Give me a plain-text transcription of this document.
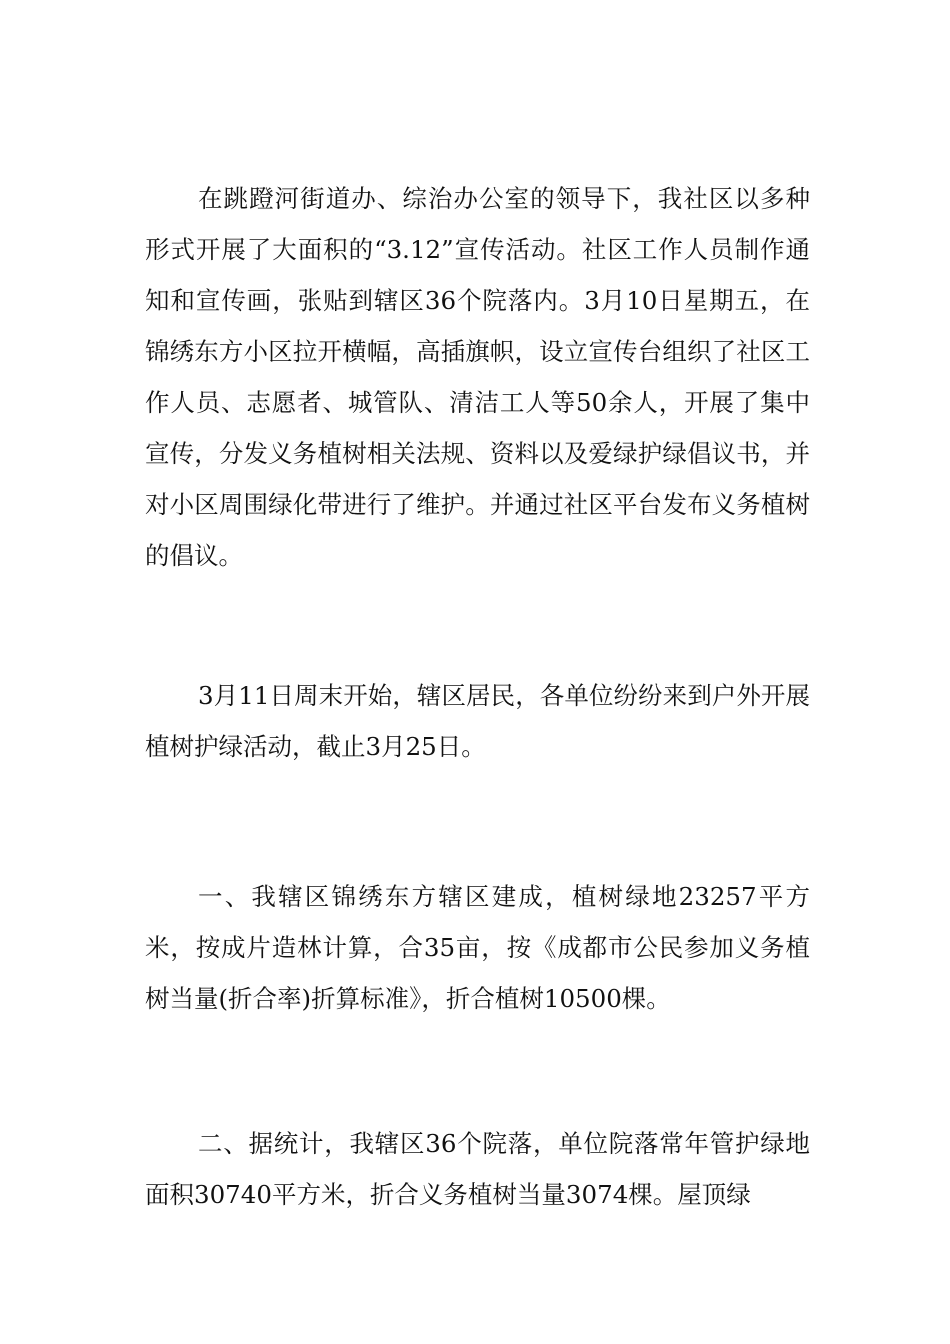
在跳蹬河街道办、综治办公室的领导下，我社区以多种形式开展了大面积的“3.12”宣传活动。社区工作人员制作通知和宣传画，张贴到辖区36个院落内。3月10日星期五，在锦绣东方小区拉开横幅，高插旗帜，设立宣传台组织了社区工作人员、志愿者、城管队、清洁工人等50余人，开展了集中宣传，分发义务植树相关法规、资料以及爱绿护绿倡议书，并对小区周围绿化带进行了维护。并通过社区平台发布义务植树的倡议。

3月11日周末开始，辖区居民，各单位纷纷来到户外开展植树护绿活动，截止3月25日。

一、我辖区锦绣东方辖区建成，植树绿地23257平方米，按成片造林计算，合35亩，按《成都市公民参加义务植树当量(折合率)折算标准》，折合植树10500棵。

二、据统计，我辖区36个院落，单位院落常年管护绿地面积30740平方米，折合义务植树当量3074棵。屋顶绿
